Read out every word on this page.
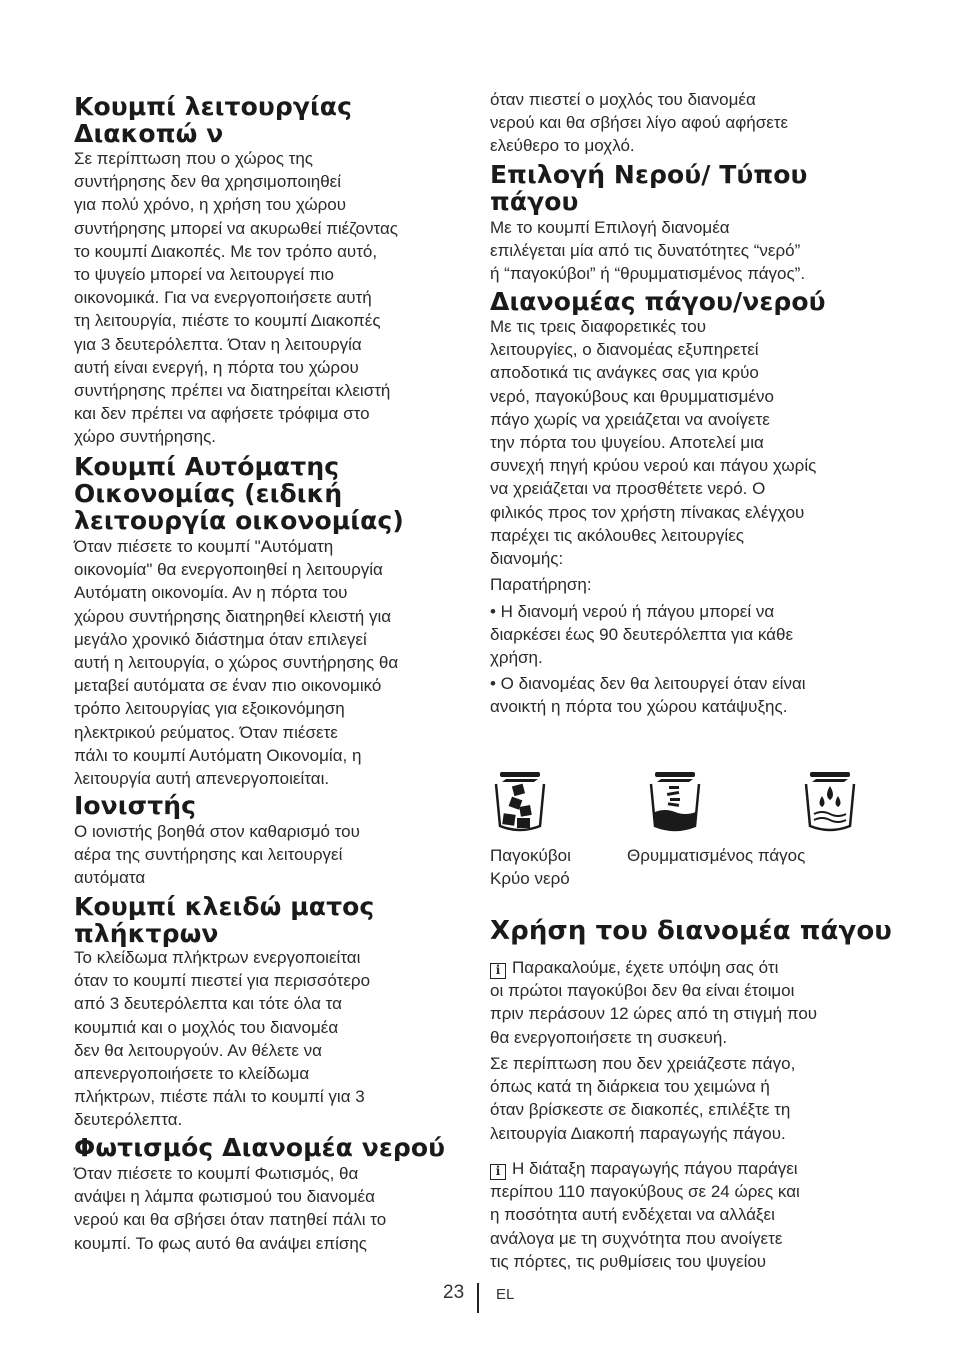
Κουμπί λειτουργίας
Διακοπώ ν

Σε περίπτωση που ο χώρος της
συντήρησης δεν θα χρησιμοποιηθεί
για πολύ χρόνο, η χρήση του χώρου
συντήρησης μπορεί να ακυρωθεί πιέζοντας
το κουμπί Διακοπές. Με τον τρόπο αυτό,
το ψυγείο μπορεί να λειτουργεί πιο
οικονομικά. Για να ενεργοποιήσετε αυτή
τη λειτουργία, πιέστε το κουμπί Διακοπές
για 3 δευτερόλεπτα. Όταν η λειτουργία
αυτή είναι ενεργή, η πόρτα του χώρου
συντήρησης πρέπει να διατηρείται κλειστή
και δεν πρέπει να αφήσετε τρόφιμα στο
χώρο συντήρησης.

Κουμπί Αυτόματης
Οικονομίας (ειδική
λειτουργία οικονομίας)

Όταν πιέσετε το κουμπί "Αυτόματη
οικονομία" θα ενεργοποιηθεί η λειτουργία
Αυτόματη οικονομία. Αν η πόρτα του
χώρου συντήρησης διατηρηθεί κλειστή για
μεγάλο χρονικό διάστημα όταν επιλεγεί
αυτή η λειτουργία, ο χώρος συντήρησης θα
μεταβεί αυτόματα σε έναν πιο οικονομικό
τρόπο λειτουργίας για εξοικονόμηση
ηλεκτρικού ρεύματος. Όταν πιέσετε
πάλι το κουμπί Αυτόματη Οικονομία, η
λειτουργία αυτή απενεργοποιείται.

Ιονιστής

Ο ιονιστής βοηθά στον καθαρισμό του
αέρα της συντήρησης και λειτουργεί
αυτόματα

Κουμπί κλειδώ ματος
πλήκτρων

Το κλείδωμα πλήκτρων ενεργοποιείται
όταν το κουμπί πιεστεί για περισσότερο
από 3 δευτερόλεπτα και τότε όλα τα
κουμπιά και ο μοχλός του διανομέα
δεν θα λειτουργούν. Αν θέλετε να
απενεργοποιήσετε το κλείδωμα
πλήκτρων, πιέστε πάλι το κουμπί για 3
δευτερόλεπτα.

Φωτισμός Διανομέα νερού

Όταν πιέσετε το κουμπί Φωτισμός, θα
ανάψει η λάμπα φωτισμού του διανομέα
νερού και θα σβήσει όταν πατηθεί πάλι το
κουμπί. Το φως αυτό θα ανάψει επίσης

όταν πιεστεί ο μοχλός του διανομέα
νερού και θα σβήσει λίγο αφού αφήσετε
ελεύθερο το μοχλό.

Επιλογή Νερού/ Τύπου
πάγου

Με το κουμπί Επιλογή διανομέα
επιλέγεται μία από τις δυνατότητες “νερό”
ή “παγοκύβοι” ή “θρυμματισμένος πάγος”.

Διανομέας πάγου/νερού

Με τις τρεις διαφορετικές του
λειτουργίες, ο διανομέας εξυπηρετεί
αποδοτικά τις ανάγκες σας για κρύο
νερό, παγοκύβους και θρυμματισμένο
πάγο χωρίς να χρειάζεται να ανοίγετε
την πόρτα του ψυγείου. Αποτελεί μια
συνεχή πηγή κρύου νερού και πάγου χωρίς
να χρειάζεται να προσθέτετε νερό. Ο
φιλικός προς τον χρήστη πίνακας ελέγχου
παρέχει τις ακόλουθες λειτουργίες
διανομής:

Παρατήρηση:

• Η διανομή νερού ή πάγου μπορεί να
διαρκέσει έως 90 δευτερόλεπτα για κάθε
χρήση.

• Ο διανομέας δεν θα λειτουργεί όταν είναι
ανοικτή η πόρτα του χώρου κατάψυξης.

Παγοκύβοι
Κρύο νερό

Θρυμματισμένος πάγος

Χρήση του διανομέα πάγου

i Παρακαλούμε, έχετε υπόψη σας ότι
οι πρώτοι παγοκύβοι δεν θα είναι έτοιμοι
πριν περάσουν 12 ώρες από τη στιγμή που
θα ενεργοποιήσετε τη συσκευή.

Σε περίπτωση που δεν χρειάζεστε πάγο,
όπως κατά τη διάρκεια του χειμώνα ή
όταν βρίσκεστε σε διακοπές, επιλέξτε τη
λειτουργία Διακοπή παραγωγής πάγου.

i Η διάταξη παραγωγής πάγου παράγει
περίπου 110 παγοκύβους σε 24 ώρες και
η ποσότητα αυτή ενδέχεται να αλλάξει
ανάλογα με τη συχνότητα που ανοίγετε
τις πόρτες, τις ρυθμίσεις του ψυγείου

23 EL
